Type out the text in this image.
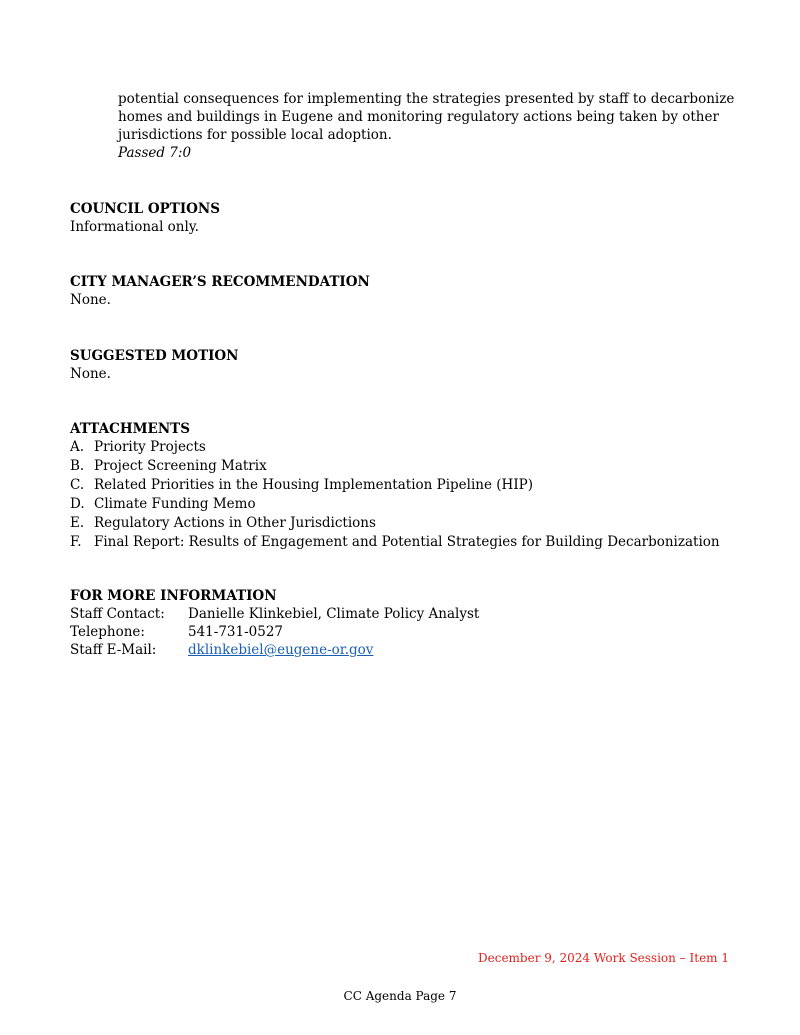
potential consequences for implementing the strategies presented by staff to decarbonize
homes and buildings in Eugene and monitoring regulatory actions being taken by other
jurisdictions for possible local adoption.
Passed 7:0
COUNCIL OPTIONS
Informational only.
CITY MANAGER’S RECOMMENDATION
None.
SUGGESTED MOTION
None.
ATTACHMENTS
A. Priority Projects
B. Project Screening Matrix
C. Related Priorities in the Housing Implementation Pipeline (HIP)
D. Climate Funding Memo
E. Regulatory Actions in Other Jurisdictions
F. Final Report: Results of Engagement and Potential Strategies for Building Decarbonization
FOR MORE INFORMATION
Staff Contact:	Danielle Klinkebiel, Climate Policy Analyst
Telephone:	541-731-0527
Staff E-Mail:	dklinkebiel@eugene-or.gov
December 9, 2024 Work Session – Item 1
CC Agenda Page 7
